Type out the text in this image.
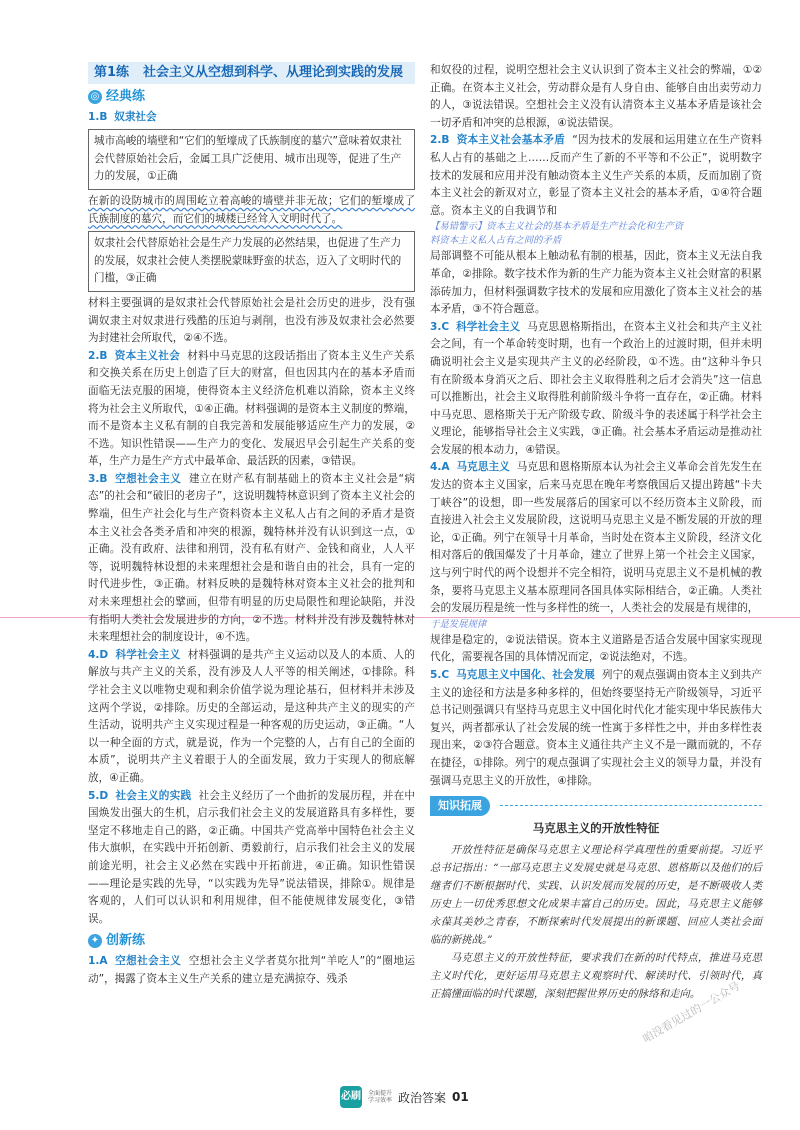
第1练 社会主义从空想到科学、从理论到实践的发展
◎ 经典练

1.B 奴隶社会

城市高峻的墙壁和“它们的堑壕成了氏族制度的墓穴”意味着奴隶社会代替原始社会后，金属工具广泛使用、城市出现等，促进了生产力的发展，①正确

在新的设防城市的周围屹立着高峻的墙壁并非无故；它们的堑壕成了氏族制度的墓穴，而它们的城楼已经耸入文明时代了。

奴隶社会代替原始社会是生产力发展的必然结果，也促进了生产力的发展，奴隶社会使人类摆脱蒙昧野蛮的状态，迈入了文明时代的门槛，③正确

材料主要强调的是奴隶社会代替原始社会是社会历史的进步，没有强调奴隶主对奴隶进行残酷的压迫与剥削，也没有涉及奴隶社会必然要为封建社会所取代，②④不选。

2.B 资本主义社会 材料中马克思的这段话指出了资本主义生产关系和交换关系在历史上创造了巨大的财富，但也因其内在的基本矛盾而面临无法克服的困境，使得资本主义经济危机难以消除，资本主义终将为社会主义所取代，①④正确。材料强调的是资本主义制度的弊端，而不是资本主义私有制的自我完善和发展能够适应生产力的发展，②不选。知识性错误——生产力的变化、发展迟早会引起生产关系的变革，生产力是生产方式中最革命、最活跃的因素，③错误。

3.B 空想社会主义 建立在财产私有制基础上的资本主义社会是“病态”的社会和“破旧的老房子”，这说明魏特林意识到了资本主义社会的弊端，但生产社会化与生产资料资本主义私人占有之间的矛盾才是资本主义社会各类矛盾和冲突的根源，魏特林并没有认识到这一点，①正确。没有政府、法律和刑罚，没有私有财产、金钱和商业，人人平等，说明魏特林设想的未来理想社会是和谐自由的社会，具有一定的时代进步性，③正确。材料反映的是魏特林对资本主义社会的批判和对未来理想社会的擘画，但带有明显的历史局限性和理论缺陷，并没有指明人类社会发展进步的方向，②不选。材料并没有涉及魏特林对未来理想社会的制度设计，④不选。

4.D 科学社会主义 材料强调的是共产主义运动以及人的本质、人的解放与共产主义的关系，没有涉及人人平等的相关阐述，①排除。科学社会主义以唯物史观和剩余价值学说为理论基石，但材料并未涉及这两个学说，②排除。历史的全部运动，是这种共产主义的现实的产生活动，说明共产主义实现过程是一种客观的历史运动，③正确。“人以一种全面的方式，就是说，作为一个完整的人，占有自己的全面的本质”，说明共产主义着眼于人的全面发展，致力于实现人的彻底解放，④正确。

5.D 社会主义的实践 社会主义经历了一个曲折的发展历程，并在中国焕发出强大的生机，启示我们社会主义的发展道路具有多样性，要坚定不移地走自己的路，②正确。中国共产党高举中国特色社会主义伟大旗帜，在实践中开拓创新、勇毅前行，启示我们社会主义的发展前途光明，社会主义必然在实践中开拓前进，④正确。知识性错误——理论是实践的先导，“以实践为先导”说法错误，排除①。规律是客观的，人们可以认识和利用规律，但不能使规律发展变化，③错误。

✦ 创新练

1.A 空想社会主义 空想社会主义学者莫尔批判“羊吃人”的“圈地运动”，揭露了资本主义生产关系的建立是充满掠夺、残杀

和奴役的过程，说明空想社会主义认识到了资本主义社会的弊端，①②正确。在资本主义社会，劳动群众是有人身自由、能够自由出卖劳动力的人，③说法错误。空想社会主义没有认清资本主义基本矛盾是该社会一切矛盾和冲突的总根源，④说法错误。

2.B 资本主义社会基本矛盾 “因为技术的发展和运用建立在生产资料私人占有的基础之上……反而产生了新的不平等和不公正”，说明数字技术的发展和应用并没有触动资本主义生产关系的本质，反而加剧了资本主义社会的新双对立，彰显了资本主义社会的基本矛盾，①④符合题意。资本主义的自我调节和

【易错警示】资本主义社会的基本矛盾是生产社会化和生产资

料资本主义私人占有之间的矛盾

局部调整不可能从根本上触动私有制的根基，因此，资本主义无法自我革命，②排除。数字技术作为新的生产力能为资本主义社会财富的积累添砖加力，但材料强调数字技术的发展和应用激化了资本主义社会的基本矛盾，③不符合题意。

3.C 科学社会主义 马克思恩格斯指出，在资本主义社会和共产主义社会之间，有一个革命转变时期，也有一个政治上的过渡时期，但并未明确说明社会主义是实现共产主义的必经阶段，①不选。由“这种斗争只有在阶级本身消灭之后、即社会主义取得胜利之后才会消失”这一信息可以推断出，社会主义取得胜利前阶级斗争将一直存在，②正确。材料中马克思、恩格斯关于无产阶级专政、阶级斗争的表述属于科学社会主义理论，能够指导社会主义实践，③正确。社会基本矛盾运动是推动社会发展的根本动力，④错误。

4.A 马克思主义 马克思和恩格斯原本认为社会主义革命会首先发生在发达的资本主义国家，后来马克思在晚年考察俄国后又提出跨越“卡夫丁峡谷”的设想，即一些发展落后的国家可以不经历资本主义阶段，而直接进入社会主义发展阶段，这说明马克思主义是不断发展的开放的理论，①正确。列宁在领导十月革命，当时处在资本主义阶段，经济文化相对落后的俄国爆发了十月革命，建立了世界上第一个社会主义国家，这与列宁时代的两个设想并不完全相符，说明马克思主义不是机械的教条，要将马克思主义基本原理同各国具体实际相结合，②正确。人类社会的发展历程是统一性与多样性的统一，人类社会的发展是有规律的，

于是发展规律

规律是稳定的，②说法错误。资本主义道路是否适合发展中国家实现现代化，需要视各国的具体情况而定，②说法绝对，不选。

5.C 马克思主义中国化、社会发展 列宁的观点强调由资本主义到共产主义的途径和方法是多种多样的，但始终要坚持无产阶级领导，习近平总书记则强调只有坚持马克思主义中国化时代化才能实现中华民族伟大复兴，两者都承认了社会发展的统一性寓于多样性之中，并由多样性表现出来，②③符合题意。资本主义通往共产主义不是一蹴而就的，不存在捷径，①排除。列宁的观点强调了实现社会主义的领导力量，并没有强调马克思主义的开放性，④排除。

知识拓展
马克思主义的开放性特征

开放性特征是确保马克思主义理论科学真理性的重要前提。习近平总书记指出：“一部马克思主义发展史就是马克思、恩格斯以及他们的后继者们不断根据时代、实践、认识发展而发展的历史，是不断吸收人类历史上一切优秀思想文化成果丰富自己的历史。因此，马克思主义能够永葆其美妙之青春，不断探索时代发展提出的新课题、回应人类社会面临的新挑战。”

马克思主义的开放性特征，要求我们在新的时代特点，推进马克思主义时代化，更好运用马克思主义观察时代、解读时代、引领时代，真正搞懂面临的时代课题，深刻把握世界历史的脉络和走向。

咱没看见过的一公众号
必刷 全面提升
学习效率 政治答案 01
